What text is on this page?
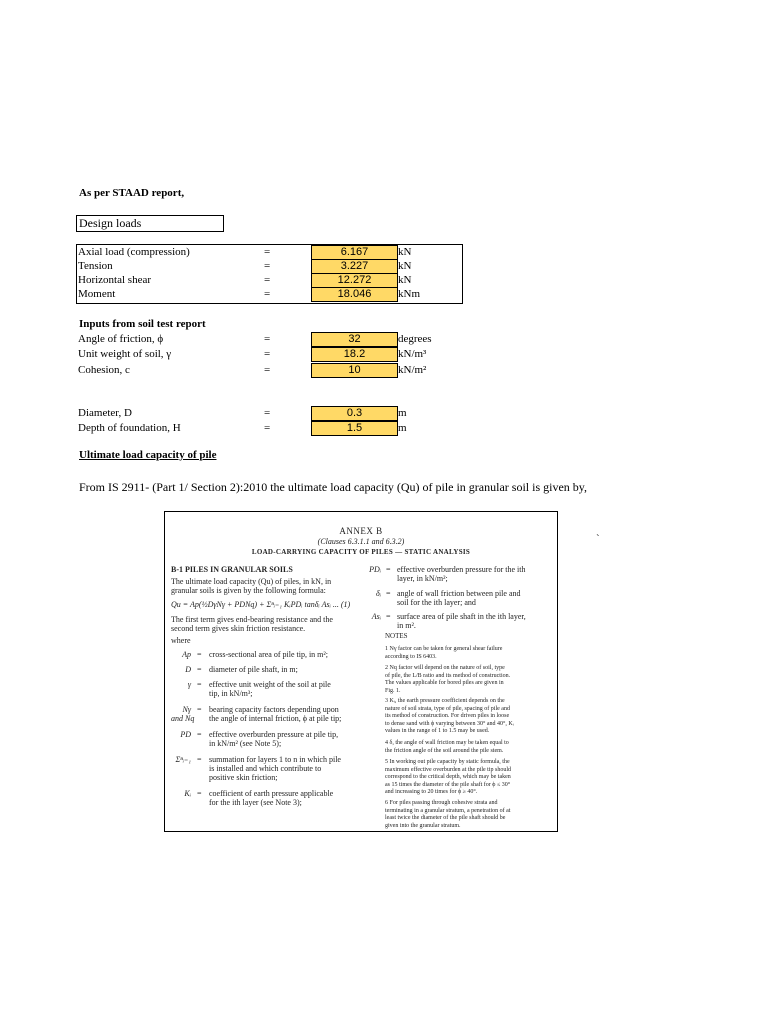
As per STAAD report,
Design loads
Axial load (compression)	=	6.167	kN
Tension	=	3.227	kN
Horizontal shear	=	12.272	kN
Moment	=	18.046	kNm
Inputs from soil test report
Angle of friction, ϕ	=	32	degrees
Unit weight of soil, γ	=	18.2	kN/m³
Cohesion, c	=	10	kN/m²
Diameter, D	=	0.3	m
Depth of foundation, H	=	1.5	m
Ultimate load capacity of pile
From IS 2911- (Part 1/ Section 2):2010 the ultimate load capacity (Qu) of pile in granular soil is given by,
`
ANNEX B
(Clauses 6.3.1.1 and 6.3.2)
LOAD-CARRYING CAPACITY OF PILES — STATIC ANALYSIS
B-1 PILES IN GRANULAR SOILS
The ultimate load capacity (Qu) of piles, in kN, in
granular soils is given by the following formula:
Qu = Ap(½DγNγ + PDNq) + Σⁿᵢ₌₁ KᵢPDᵢ tanδᵢ Asᵢ ... (1)
The first term gives end-bearing resistance and the
second term gives skin friction resistance.
where
Ap = cross-sectional area of pile tip, in m²;
D = diameter of pile shaft, in m;
γ = effective unit weight of the soil at pile
tip, in kN/m³;
Nγ = bearing capacity factors depending upon
and Nq the angle of internal friction, ϕ at pile tip;
PD = effective overburden pressure at pile tip,
in kN/m² (see Note 5);
Σⁿᵢ₌₁ = summation for layers 1 to n in which pile
is installed and which contribute to
positive skin friction;
Kᵢ = coefficient of earth pressure applicable
for the ith layer (see Note 3);
PDᵢ = effective overburden pressure for the ith
layer, in kN/m²;
δᵢ = angle of wall friction between pile and
soil for the ith layer; and
Asᵢ = surface area of pile shaft in the ith layer,
in m².
NOTES
1 Nγ factor can be taken for general shear failure
according to IS 6403.
2 Nq factor will depend on the nature of soil, type
of pile, the L/B ratio and its method of construction.
The values applicable for bored piles are given in
Fig. 1.
3 Kᵢ, the earth pressure coefficient depends on the
nature of soil strata, type of pile, spacing of pile and
its method of construction. For driven piles in loose
to dense sand with ϕ varying between 30° and 40°, Kᵢ
values in the range of 1 to 1.5 may be used.
4 δ, the angle of wall friction may be taken equal to
the friction angle of the soil around the pile stem.
5 In working out pile capacity by static formula, the
maximum effective overburden at the pile tip should
correspond to the critical depth, which may be taken
as 15 times the diameter of the pile shaft for ϕ ≤ 30°
and increasing to 20 times for ϕ ≥ 40°.
6 For piles passing through cohesive strata and
terminating in a granular stratum, a penetration of at
least twice the diameter of the pile shaft should be
given into the granular stratum.
